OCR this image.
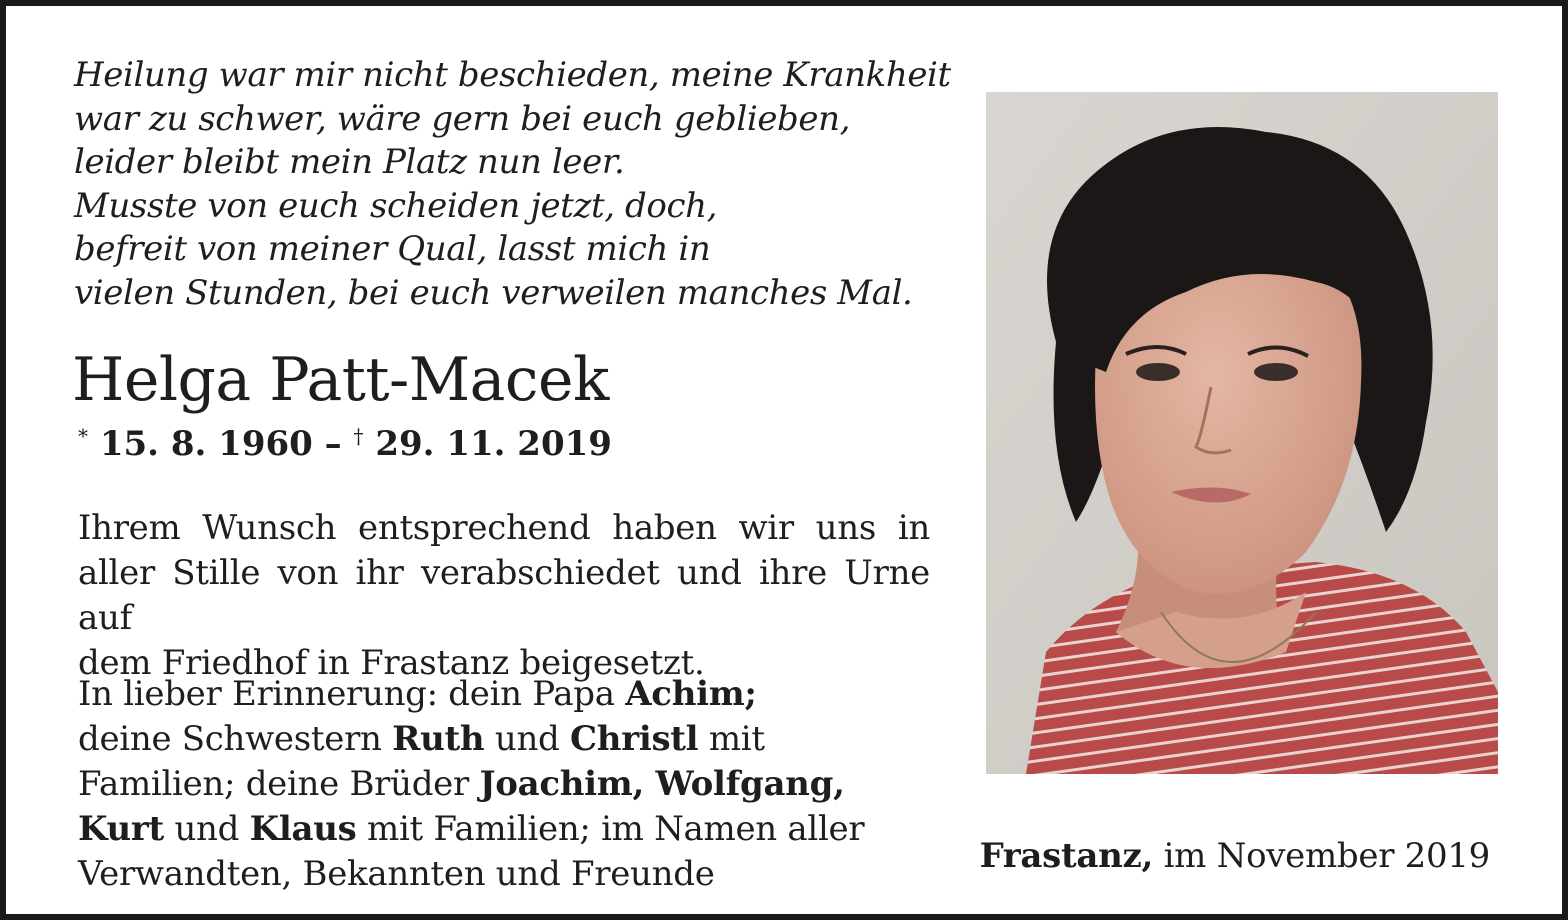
Heilung war mir nicht beschieden, meine Krankheit
war zu schwer, wäre gern bei euch geblieben,
leider bleibt mein Platz nun leer.
Musste von euch scheiden jetzt, doch,
befreit von meiner Qual, lasst mich in
vielen Stunden, bei euch verweilen manches Mal.
Helga Patt-Macek
* 15. 8. 1960 – † 29. 11. 2019
Ihrem Wunsch entsprechend haben wir uns in
aller Stille von ihr verabschiedet und ihre Urne auf
dem Friedhof in Frastanz beigesetzt.
In lieber Erinnerung: dein Papa Achim;
deine Schwestern Ruth und Christl mit
Familien; deine Brüder Joachim, Wolfgang,
Kurt und Klaus mit Familien; im Namen aller
Verwandten, Bekannten und Freunde	Frastanz, im November 2019
